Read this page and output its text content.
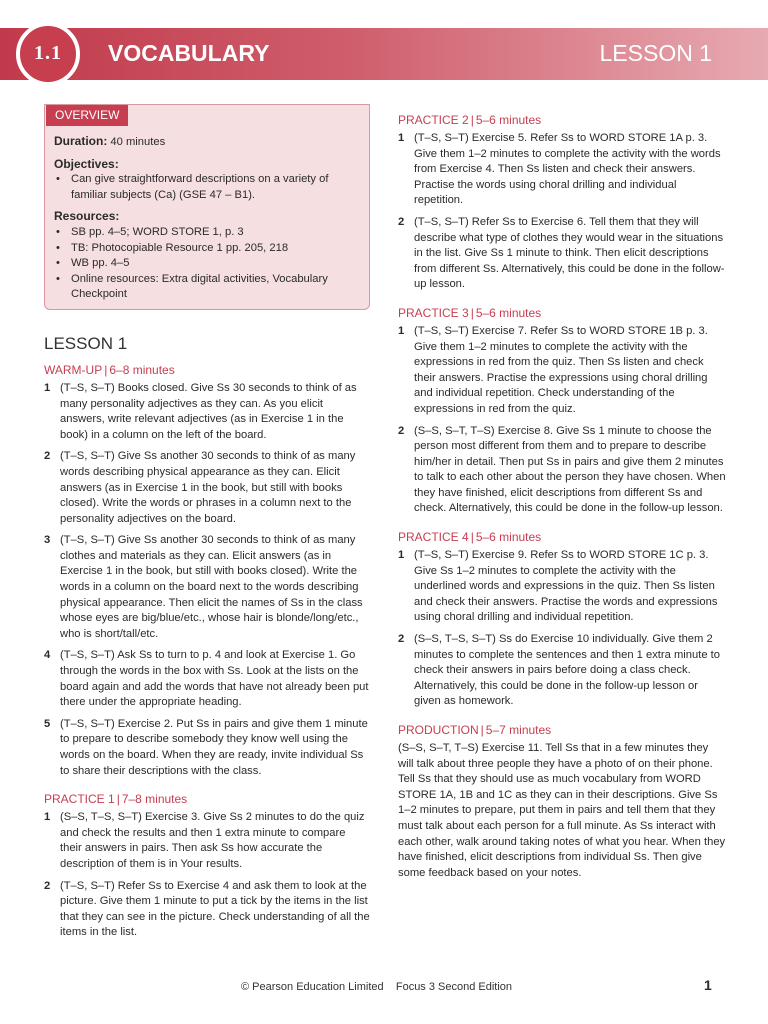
1.1 VOCABULARY	LESSON 1
OVERVIEW
Duration: 40 minutes
Objectives:
• Can give straightforward descriptions on a variety of familiar subjects (Ca) (GSE 47 – B1).
Resources:
• SB pp. 4–5; WORD STORE 1, p. 3
• TB: Photocopiable Resource 1 pp. 205, 218
• WB pp. 4–5
• Online resources: Extra digital activities, Vocabulary Checkpoint
LESSON 1
WARM-UP | 6–8 minutes
1 (T–S, S–T) Books closed. Give Ss 30 seconds to think of as many personality adjectives as they can. As you elicit answers, write relevant adjectives (as in Exercise 1 in the book) in a column on the left of the board.
2 (T–S, S–T) Give Ss another 30 seconds to think of as many words describing physical appearance as they can. Elicit answers (as in Exercise 1 in the book, but still with books closed). Write the words or phrases in a column next to the personality adjectives on the board.
3 (T–S, S–T) Give Ss another 30 seconds to think of as many clothes and materials as they can. Elicit answers (as in Exercise 1 in the book, but still with books closed). Write the words in a column on the board next to the words describing physical appearance. Then elicit the names of Ss in the class whose eyes are big/blue/etc., whose hair is blonde/long/etc., who is short/tall/etc.
4 (T–S, S–T) Ask Ss to turn to p. 4 and look at Exercise 1. Go through the words in the box with Ss. Look at the lists on the board again and add the words that have not already been put there under the appropriate heading.
5 (T–S, S–T) Exercise 2. Put Ss in pairs and give them 1 minute to prepare to describe somebody they know well using the words on the board. When they are ready, invite individual Ss to share their descriptions with the class.
PRACTICE 1 | 7–8 minutes
1 (S–S, T–S, S–T) Exercise 3. Give Ss 2 minutes to do the quiz and check the results and then 1 extra minute to compare their answers in pairs. Then ask Ss how accurate the description of them is in Your results.
2 (T–S, S–T) Refer Ss to Exercise 4 and ask them to look at the picture. Give them 1 minute to put a tick by the items in the list that they can see in the picture. Check understanding of all the items in the list.
PRACTICE 2 | 5–6 minutes
1 (T–S, S–T) Exercise 5. Refer Ss to WORD STORE 1A p. 3. Give them 1–2 minutes to complete the activity with the words from Exercise 4. Then Ss listen and check their answers. Practise the words using choral drilling and individual repetition.
2 (T–S, S–T) Refer Ss to Exercise 6. Tell them that they will describe what type of clothes they would wear in the situations in the list. Give Ss 1 minute to think. Then elicit descriptions from different Ss. Alternatively, this could be done in the follow-up lesson.
PRACTICE 3 | 5–6 minutes
1 (T–S, S–T) Exercise 7. Refer Ss to WORD STORE 1B p. 3. Give them 1–2 minutes to complete the activity with the expressions in red from the quiz. Then Ss listen and check their answers. Practise the expressions using choral drilling and individual repetition. Check understanding of the expressions in red from the quiz.
2 (S–S, S–T, T–S) Exercise 8. Give Ss 1 minute to choose the person most different from them and to prepare to describe him/her in detail. Then put Ss in pairs and give them 2 minutes to talk to each other about the person they have chosen. When they have finished, elicit descriptions from different Ss and check. Alternatively, this could be done in the follow-up lesson.
PRACTICE 4 | 5–6 minutes
1 (T–S, S–T) Exercise 9. Refer Ss to WORD STORE 1C p. 3. Give Ss 1–2 minutes to complete the activity with the underlined words and expressions in the quiz. Then Ss listen and check their answers. Practise the words and expressions using choral drilling and individual repetition.
2 (S–S, T–S, S–T) Ss do Exercise 10 individually. Give them 2 minutes to complete the sentences and then 1 extra minute to check their answers in pairs before doing a class check. Alternatively, this could be done in the follow-up lesson or given as homework.
PRODUCTION | 5–7 minutes
(S–S, S–T, T–S) Exercise 11. Tell Ss that in a few minutes they will talk about three people they have a photo of on their phone. Tell Ss that they should use as much vocabulary from WORD STORE 1A, 1B and 1C as they can in their descriptions. Give Ss 1–2 minutes to prepare, put them in pairs and tell them that they must talk about each person for a full minute. As Ss interact with each other, walk around taking notes of what you hear. When they have finished, elicit descriptions from individual Ss. Then give some feedback based on your notes.
© Pearson Education Limited    Focus 3 Second Edition	1
